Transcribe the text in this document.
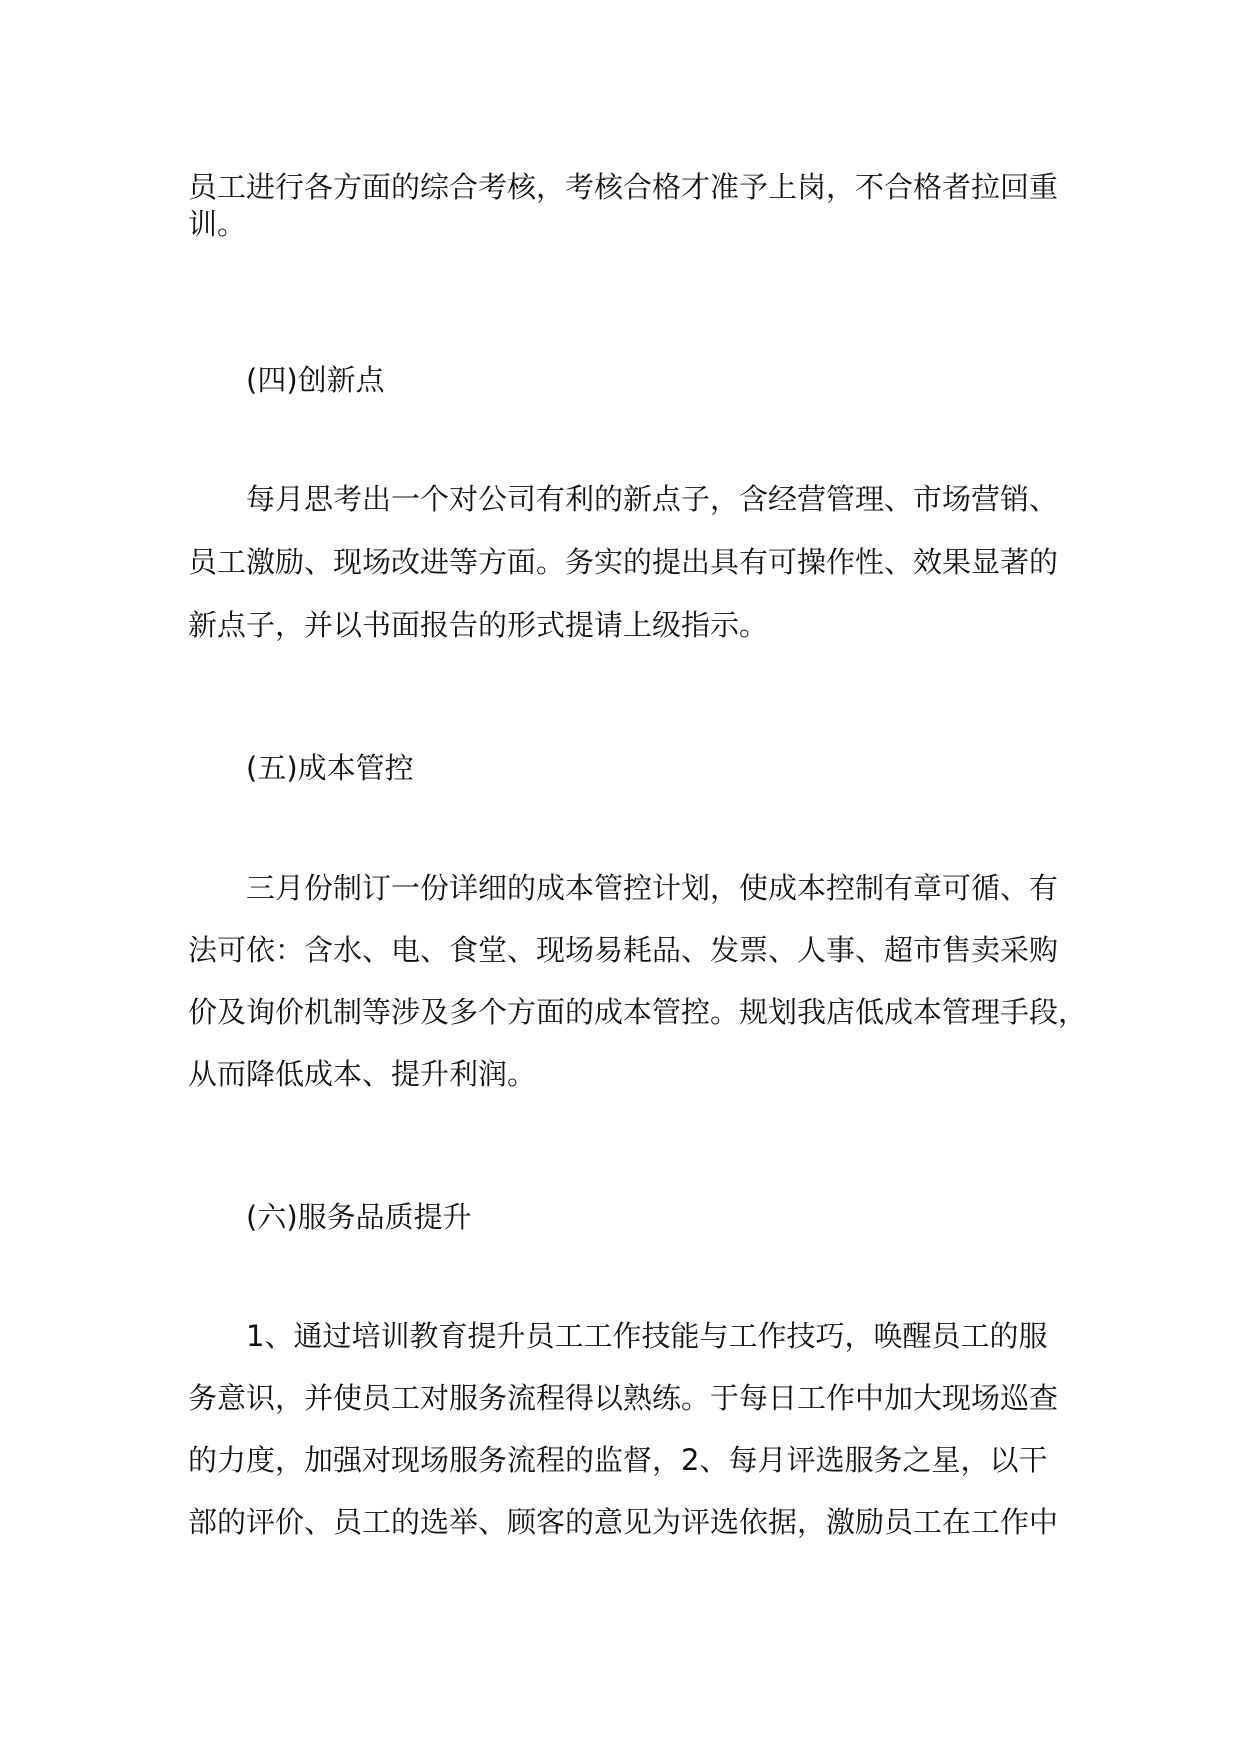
员工进行各方面的综合考核，考核合格才准予上岗，不合格者拉回重
训。
(四)创新点
每月思考出一个对公司有利的新点子，含经营管理、市场营销、
员工激励、现场改进等方面。务实的提出具有可操作性、效果显著的
新点子，并以书面报告的形式提请上级指示。
(五)成本管控
三月份制订一份详细的成本管控计划，使成本控制有章可循、有
法可依：含水、电、食堂、现场易耗品、发票、人事、超市售卖采购
价及询价机制等涉及多个方面的成本管控。规划我店低成本管理手段，
从而降低成本、提升利润。
(六)服务品质提升
1、通过培训教育提升员工工作技能与工作技巧，唤醒员工的服
务意识，并使员工对服务流程得以熟练。于每日工作中加大现场巡查
的力度，加强对现场服务流程的监督，2、每月评选服务之星，以干
部的评价、员工的选举、顾客的意见为评选依据，激励员工在工作中
